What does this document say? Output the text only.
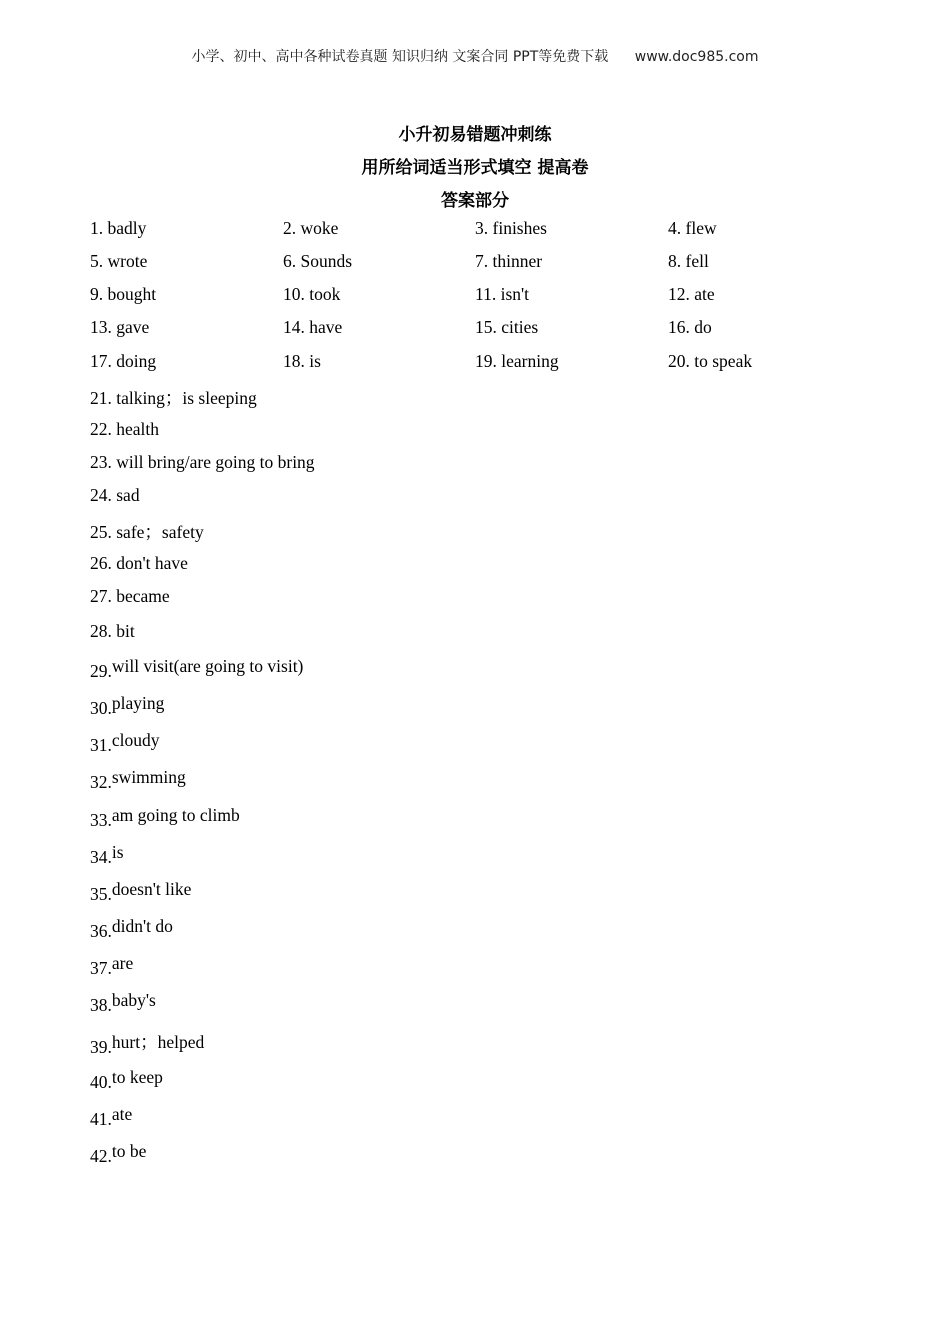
小学、初中、高中各种试卷真题 知识归纳 文案合同 PPT等免费下载 www.doc985.com
小升初易错题冲刺练
用所给词适当形式填空 提高卷
答案部分
1. badly	2. woke	3. finishes	4. flew
5. wrote	6. Sounds	7. thinner	8. fell
9. bought	10. took	11. isn't	12. ate
13. gave	14. have	15. cities	16. do
17. doing	18. is	19. learning	20. to speak
21. talking；is sleeping
22. health
23. will bring/are going to bring
24. sad
25. safe；safety
26. don't have
27. became
28. bit
29.will visit(are going to visit)
30.playing
31.cloudy
32.swimming
33.am going to climb
34.is
35.doesn't like
36.didn't do
37.are
38.baby's
39.hurt；helped
40.to keep
41.ate
42.to be
